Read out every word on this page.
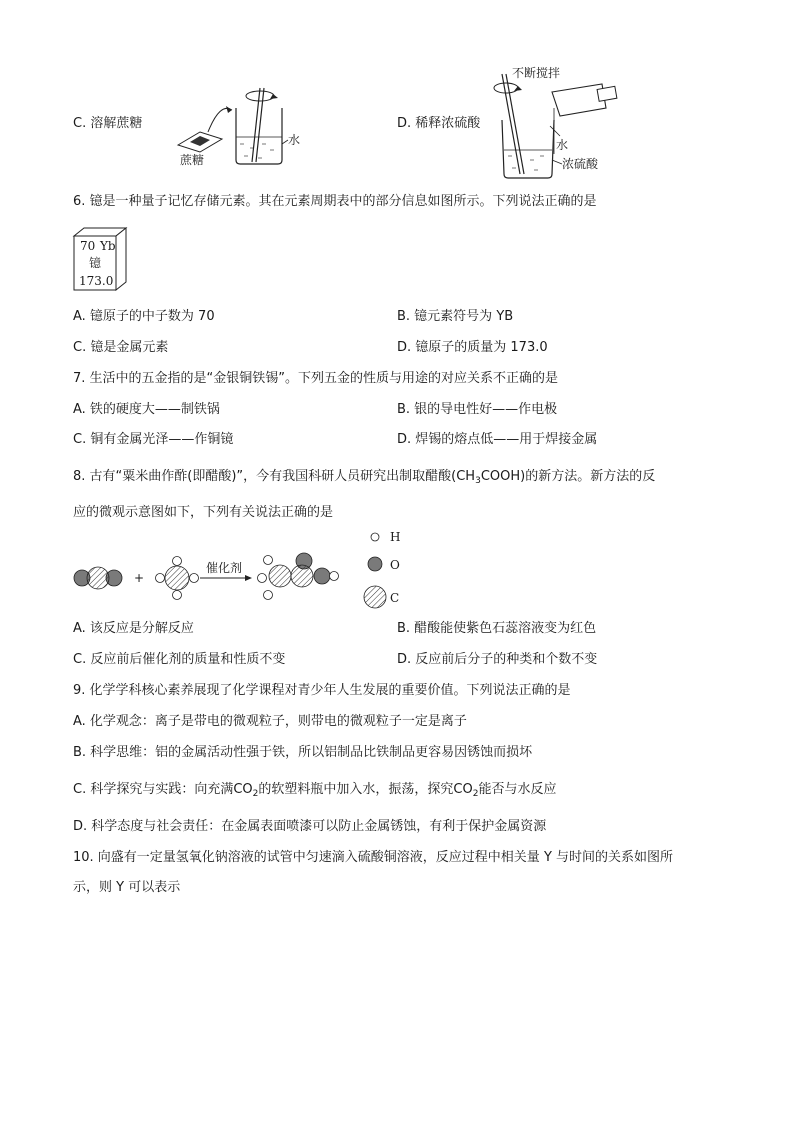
C. 溶解蔗糖
水
蔗糖
D. 稀释浓硫酸
不断搅拌
水
浓硫酸
6. 镱是一种量子记忆存储元素。其在元素周期表中的部分信息如图所示。下列说法正确的是
70 Yb
镱
173.0
A. 镱原子的中子数为 70	B. 镱元素符号为 YB
C. 镱是金属元素	D. 镱原子的质量为 173.0
7. 生活中的五金指的是“金银铜铁锡”。下列五金的性质与用途的对应关系不正确的是
A. 铁的硬度大——制铁锅	B. 银的导电性好——作电极
C. 铜有金属光泽——作铜镜	D. 焊锡的熔点低——用于焊接金属
8. 古有“粟米曲作酢(即醋酸)”，今有我国科研人员研究出制取醋酸$(CH_3COOH)$的新方法。新方法的反
应的微观示意图如下，下列有关说法正确的是
+
催化剂
H
O
C
A. 该反应是分解反应	B. 醋酸能使紫色石蕊溶液变为红色
C. 反应前后催化剂的质量和性质不变	D. 反应前后分子的种类和个数不变
9. 化学学科核心素养展现了化学课程对青少年人生发展的重要价值。下列说法正确的是
A. 化学观念：离子是带电的微观粒子，则带电的微观粒子一定是离子
B. 科学思维：铝的金属活动性强于铁，所以铝制品比铁制品更容易因锈蚀而损坏
C. 科学探究与实践：向充满$CO_2$的软塑料瓶中加入水，振荡，探究$CO_2$能否与水反应
D. 科学态度与社会责任：在金属表面喷漆可以防止金属锈蚀，有利于保护金属资源
10. 向盛有一定量氢氧化钠溶液的试管中匀速滴入硫酸铜溶液，反应过程中相关量 Y 与时间的关系如图所
示，则 Y 可以表示
